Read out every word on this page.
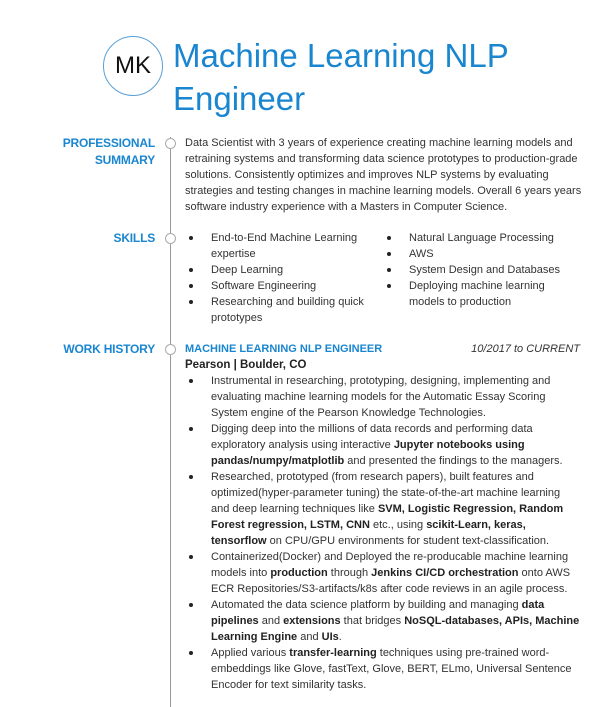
MK Machine Learning NLP Engineer
PROFESSIONAL
SUMMARY
Data Scientist with 3 years of experience creating machine learning models and retraining systems and transforming data science prototypes to production-grade solutions. Consistently optimizes and improves NLP systems by evaluating strategies and testing changes in machine learning models. Overall 6 years years software industry experience with a Masters in Computer Science.
SKILLS	End-to-End Machine Learning expertise
Deep Learning
Software Engineering
Researching and building quick prototypes
Natural Language Processing
AWS
System Design and Databases
Deploying machine learning models to production
WORK HISTORY	MACHINE LEARNING NLP ENGINEER	10/2017 to CURRENT
Pearson | Boulder, CO
Instrumental in researching, prototyping, designing, implementing and evaluating machine learning models for the Automatic Essay Scoring System engine of the Pearson Knowledge Technologies.
Digging deep into the millions of data records and performing data exploratory analysis using interactive Jupyter notebooks using pandas/numpy/matplotlib and presented the findings to the managers.
Researched, prototyped (from research papers), built features and optimized(hyper-parameter tuning) the state-of-the-art machine learning and deep learning techniques like SVM, Logistic Regression, Random Forest regression, LSTM, CNN etc., using scikit-Learn, keras, tensorflow on CPU/GPU environments for student text-classification.
Containerized(Docker) and Deployed the re-producable machine learning models into production through Jenkins CI/CD orchestration onto AWS ECR Repositories/S3-artifacts/k8s after code reviews in an agile process.
Automated the data science platform by building and managing data pipelines and extensions that bridges NoSQL-databases, APIs, Machine Learning Engine and UIs.
Applied various transfer-learning techniques using pre-trained word-embeddings like Glove, fastText, Glove, BERT, ELmo, Universal Sentence Encoder for text similarity tasks.
